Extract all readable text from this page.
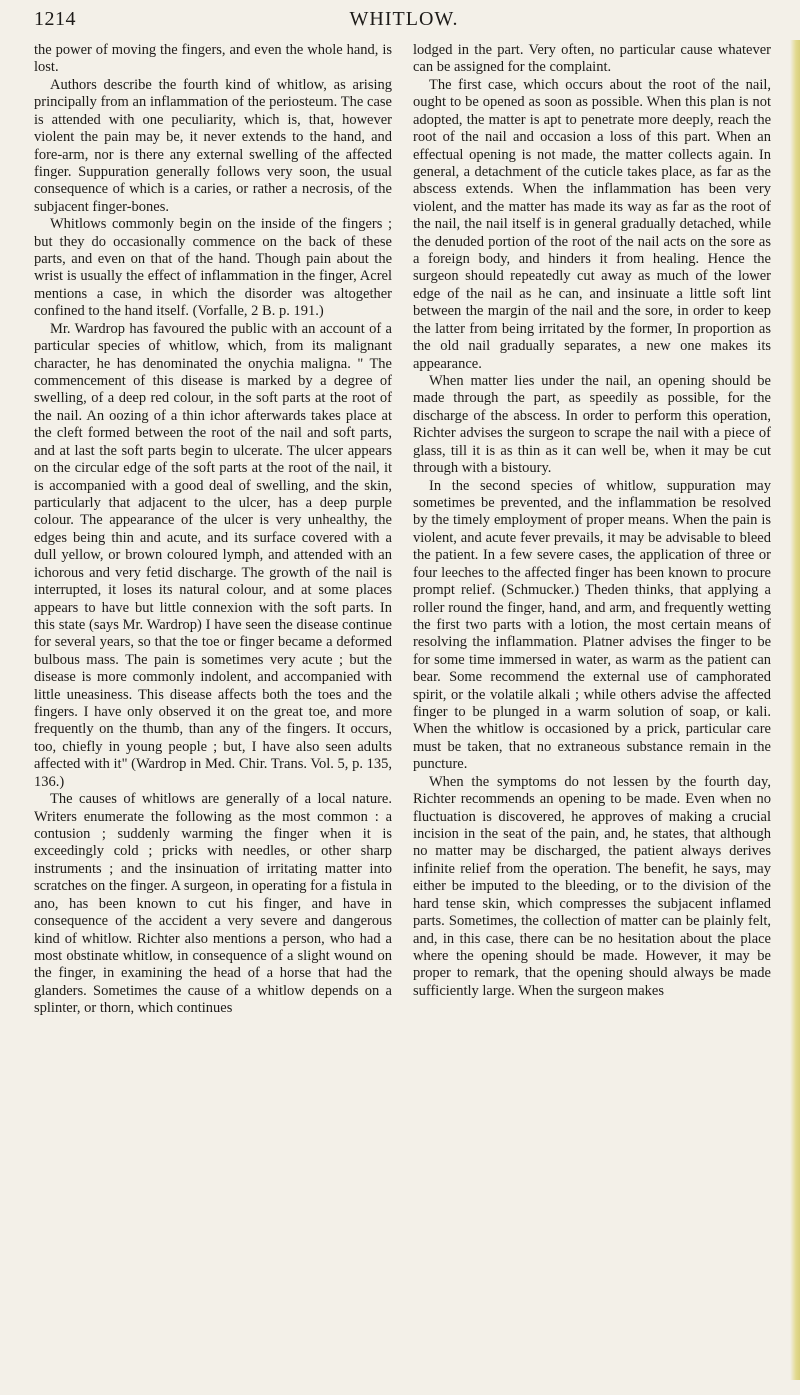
1214	WHITLOW.

the power of moving the fingers, and even the whole hand, is lost.

Authors describe the fourth kind of whitlow, as arising principally from an inflammation of the periosteum. The case is attended with one peculiarity, which is, that, however violent the pain may be, it never extends to the hand, and fore-arm, nor is there any external swelling of the affected finger. Suppuration generally follows very soon, the usual consequence of which is a caries, or rather a necrosis, of the subjacent finger-bones.

Whitlows commonly begin on the inside of the fingers ; but they do occasionally commence on the back of these parts, and even on that of the hand. Though pain about the wrist is usually the effect of inflammation in the finger, Acrel mentions a case, in which the disorder was altogether confined to the hand itself. (Vorfalle, 2 B. p. 191.)

Mr. Wardrop has favoured the public with an account of a particular species of whitlow, which, from its malignant character, he has denominated the onychia maligna. " The commencement of this disease is marked by a degree of swelling, of a deep red colour, in the soft parts at the root of the nail. An oozing of a thin ichor afterwards takes place at the cleft formed between the root of the nail and soft parts, and at last the soft parts begin to ulcerate. The ulcer appears on the circular edge of the soft parts at the root of the nail, it is accompanied with a good deal of swelling, and the skin, particularly that adjacent to the ulcer, has a deep purple colour. The appearance of the ulcer is very unhealthy, the edges being thin and acute, and its surface covered with a dull yellow, or brown coloured lymph, and attended with an ichorous and very fetid discharge. The growth of the nail is interrupted, it loses its natural colour, and at some places appears to have but little connexion with the soft parts. In this state (says Mr. Wardrop) I have seen the disease continue for several years, so that the toe or finger became a deformed bulbous mass. The pain is sometimes very acute ; but the disease is more commonly indolent, and accompanied with little uneasiness. This disease affects both the toes and the fingers. I have only observed it on the great toe, and more frequently on the thumb, than any of the fingers. It occurs, too, chiefly in young people ; but, I have also seen adults affected with it" (Wardrop in Med. Chir. Trans. Vol. 5, p. 135, 136.)

The causes of whitlows are generally of a local nature. Writers enumerate the following as the most common : a contusion ; suddenly warming the finger when it is exceedingly cold ; pricks with needles, or other sharp instruments ; and the insinuation of irritating matter into scratches on the finger. A surgeon, in operating for a fistula in ano, has been known to cut his finger, and have in consequence of the accident a very severe and dangerous kind of whitlow. Richter also mentions a person, who had a most obstinate whitlow, in consequence of a slight wound on the finger, in examining the head of a horse that had the glanders. Sometimes the cause of a whitlow depends on a splinter, or thorn, which continues

lodged in the part. Very often, no particular cause whatever can be assigned for the complaint.

The first case, which occurs about the root of the nail, ought to be opened as soon as possible. When this plan is not adopted, the matter is apt to penetrate more deeply, reach the root of the nail and occasion a loss of this part. When an effectual opening is not made, the matter collects again. In general, a detachment of the cuticle takes place, as far as the abscess extends. When the inflammation has been very violent, and the matter has made its way as far as the root of the nail, the nail itself is in general gradually detached, while the denuded portion of the root of the nail acts on the sore as a foreign body, and hinders it from healing. Hence the surgeon should repeatedly cut away as much of the lower edge of the nail as he can, and insinuate a little soft lint between the margin of the nail and the sore, in order to keep the latter from being irritated by the former, In proportion as the old nail gradually separates, a new one makes its appearance.

When matter lies under the nail, an opening should be made through the part, as speedily as possible, for the discharge of the abscess. In order to perform this operation, Richter advises the surgeon to scrape the nail with a piece of glass, till it is as thin as it can well be, when it may be cut through with a bistoury.

In the second species of whitlow, suppuration may sometimes be prevented, and the inflammation be resolved by the timely employment of proper means. When the pain is violent, and acute fever prevails, it may be advisable to bleed the patient. In a few severe cases, the application of three or four leeches to the affected finger has been known to procure prompt relief. (Schmucker.) Theden thinks, that applying a roller round the finger, hand, and arm, and frequently wetting the first two parts with a lotion, the most certain means of resolving the inflammation. Platner advises the finger to be for some time immersed in water, as warm as the patient can bear. Some recommend the external use of camphorated spirit, or the volatile alkali ; while others advise the affected finger to be plunged in a warm solution of soap, or kali. When the whitlow is occasioned by a prick, particular care must be taken, that no extraneous substance remain in the puncture.

When the symptoms do not lessen by the fourth day, Richter recommends an opening to be made. Even when no fluctuation is discovered, he approves of making a crucial incision in the seat of the pain, and, he states, that although no matter may be discharged, the patient always derives infinite relief from the operation. The benefit, he says, may either be imputed to the bleeding, or to the division of the hard tense skin, which compresses the subjacent inflamed parts. Sometimes, the collection of matter can be plainly felt, and, in this case, there can be no hesitation about the place where the opening should be made. However, it may be proper to remark, that the opening should always be made sufficiently large. When the surgeon makes
